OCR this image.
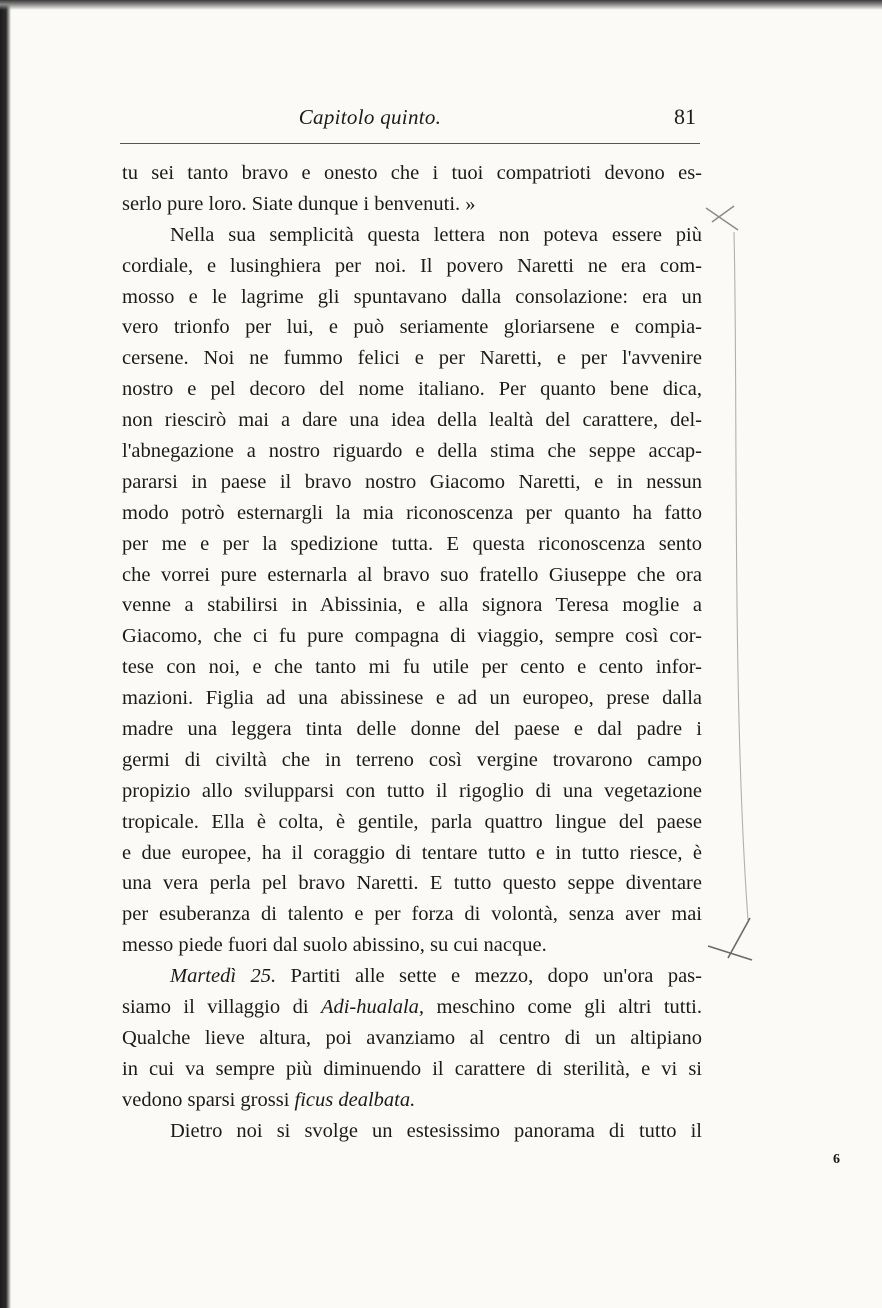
Capitolo quinto.	81
tu sei tanto bravo e onesto che i tuoi compatrioti devono es-
serlo pure loro. Siate dunque i benvenuti. »
Nella sua semplicità questa lettera non poteva essere più
cordiale, e lusinghiera per noi. Il povero Naretti ne era com-
mosso e le lagrime gli spuntavano dalla consolazione: era un
vero trionfo per lui, e può seriamente gloriarsene e compia-
cersene. Noi ne fummo felici e per Naretti, e per l'avvenire
nostro e pel decoro del nome italiano. Per quanto bene dica,
non riescirò mai a dare una idea della lealtà del carattere, del-
l'abnegazione a nostro riguardo e della stima che seppe accap-
pararsi in paese il bravo nostro Giacomo Naretti, e in nessun
modo potrò esternargli la mia riconoscenza per quanto ha fatto
per me e per la spedizione tutta. E questa riconoscenza sento
che vorrei pure esternarla al bravo suo fratello Giuseppe che ora
venne a stabilirsi in Abissinia, e alla signora Teresa moglie a
Giacomo, che ci fu pure compagna di viaggio, sempre così cor-
tese con noi, e che tanto mi fu utile per cento e cento infor-
mazioni. Figlia ad una abissinese e ad un europeo, prese dalla
madre una leggera tinta delle donne del paese e dal padre i
germi di civiltà che in terreno così vergine trovarono campo
propizio allo svilupparsi con tutto il rigoglio di una vegetazione
tropicale. Ella è colta, è gentile, parla quattro lingue del paese
e due europee, ha il coraggio di tentare tutto e in tutto riesce, è
una vera perla pel bravo Naretti. E tutto questo seppe diventare
per esuberanza di talento e per forza di volontà, senza aver mai
messo piede fuori dal suolo abissino, su cui nacque.
Martedì 25. Partiti alle sette e mezzo, dopo un'ora pas-
siamo il villaggio di Adi-hualala, meschino come gli altri tutti.
Qualche lieve altura, poi avanziamo al centro di un altipiano
in cui va sempre più diminuendo il carattere di sterilità, e vi si
vedono sparsi grossi ficus dealbata.
Dietro noi si svolge un estesissimo panorama di tutto il
6
